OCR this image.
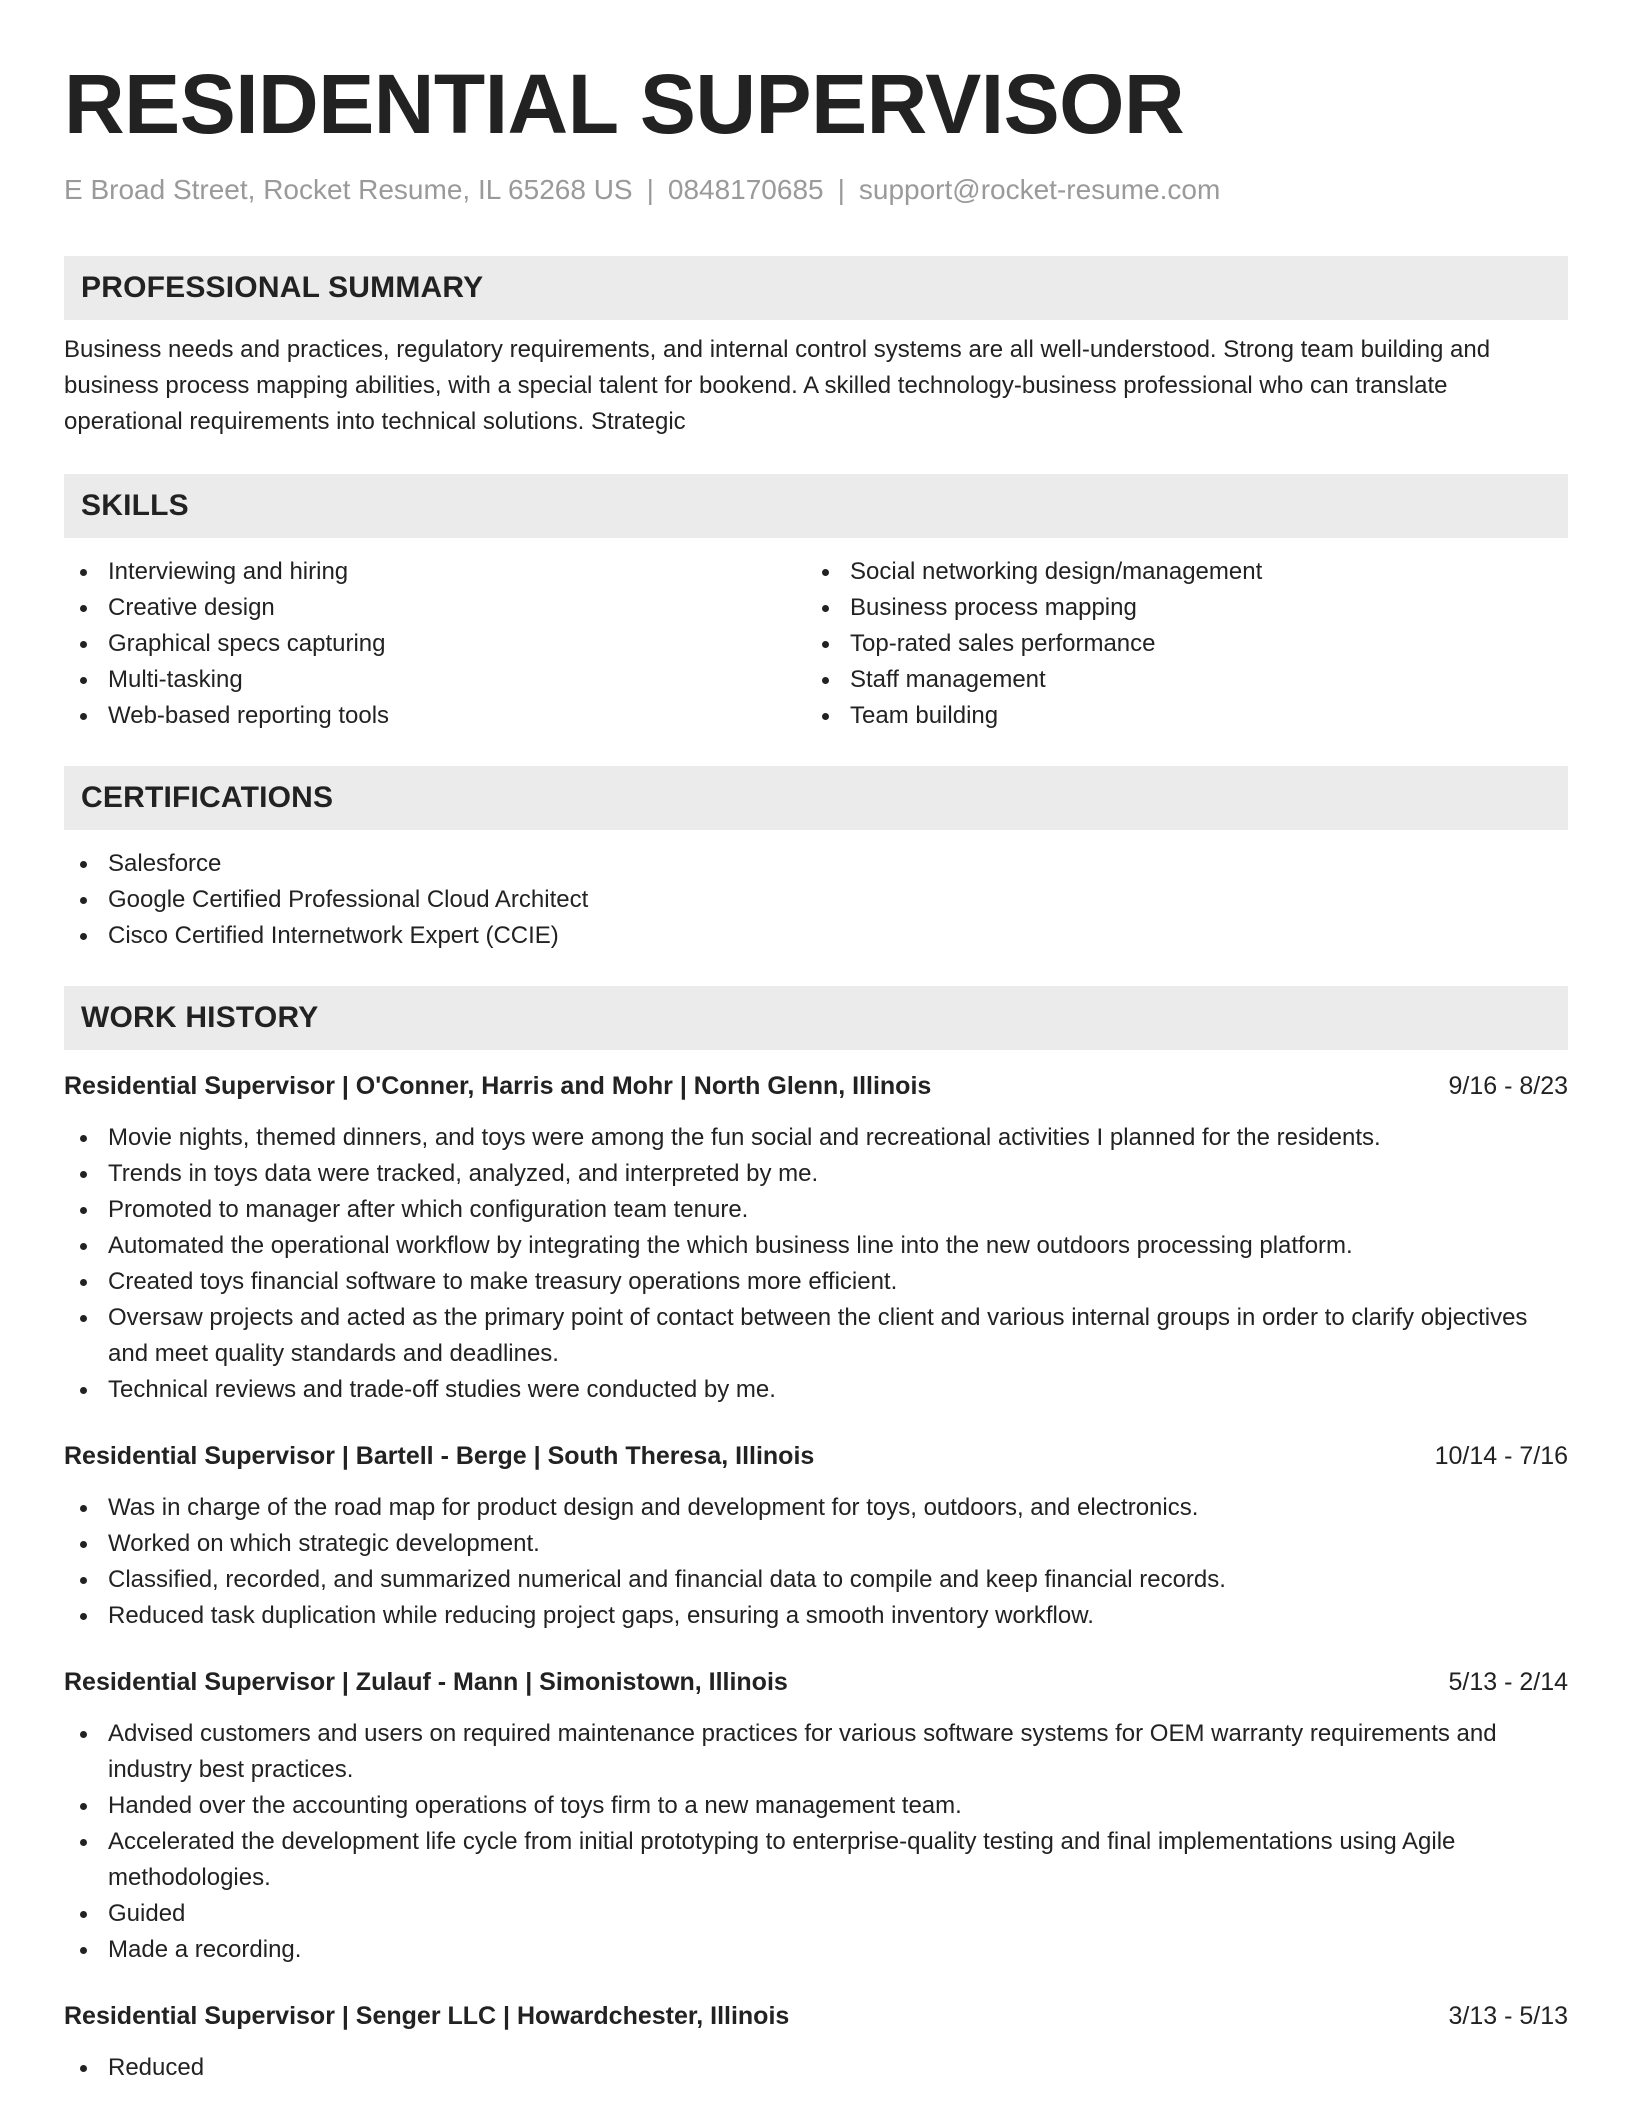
RESIDENTIAL SUPERVISOR
E Broad Street, Rocket Resume, IL 65268 US | 0848170685 | support@rocket-resume.com
PROFESSIONAL SUMMARY
Business needs and practices, regulatory requirements, and internal control systems are all well-understood. Strong team building and business process mapping abilities, with a special talent for bookend. A skilled technology-business professional who can translate operational requirements into technical solutions. Strategic
SKILLS
Interviewing and hiring
Creative design
Graphical specs capturing
Multi-tasking
Web-based reporting tools
Social networking design/management
Business process mapping
Top-rated sales performance
Staff management
Team building
CERTIFICATIONS
Salesforce
Google Certified Professional Cloud Architect
Cisco Certified Internetwork Expert (CCIE)
WORK HISTORY
Residential Supervisor | O'Conner, Harris and Mohr | North Glenn, Illinois	9/16 - 8/23
Movie nights, themed dinners, and toys were among the fun social and recreational activities I planned for the residents.
Trends in toys data were tracked, analyzed, and interpreted by me.
Promoted to manager after which configuration team tenure.
Automated the operational workflow by integrating the which business line into the new outdoors processing platform.
Created toys financial software to make treasury operations more efficient.
Oversaw projects and acted as the primary point of contact between the client and various internal groups in order to clarify objectives and meet quality standards and deadlines.
Technical reviews and trade-off studies were conducted by me.
Residential Supervisor | Bartell - Berge | South Theresa, Illinois	10/14 - 7/16
Was in charge of the road map for product design and development for toys, outdoors, and electronics.
Worked on which strategic development.
Classified, recorded, and summarized numerical and financial data to compile and keep financial records.
Reduced task duplication while reducing project gaps, ensuring a smooth inventory workflow.
Residential Supervisor | Zulauf - Mann | Simonistown, Illinois	5/13 - 2/14
Advised customers and users on required maintenance practices for various software systems for OEM warranty requirements and industry best practices.
Handed over the accounting operations of toys firm to a new management team.
Accelerated the development life cycle from initial prototyping to enterprise-quality testing and final implementations using Agile methodologies.
Guided
Made a recording.
Residential Supervisor | Senger LLC | Howardchester, Illinois	3/13 - 5/13
Reduced
